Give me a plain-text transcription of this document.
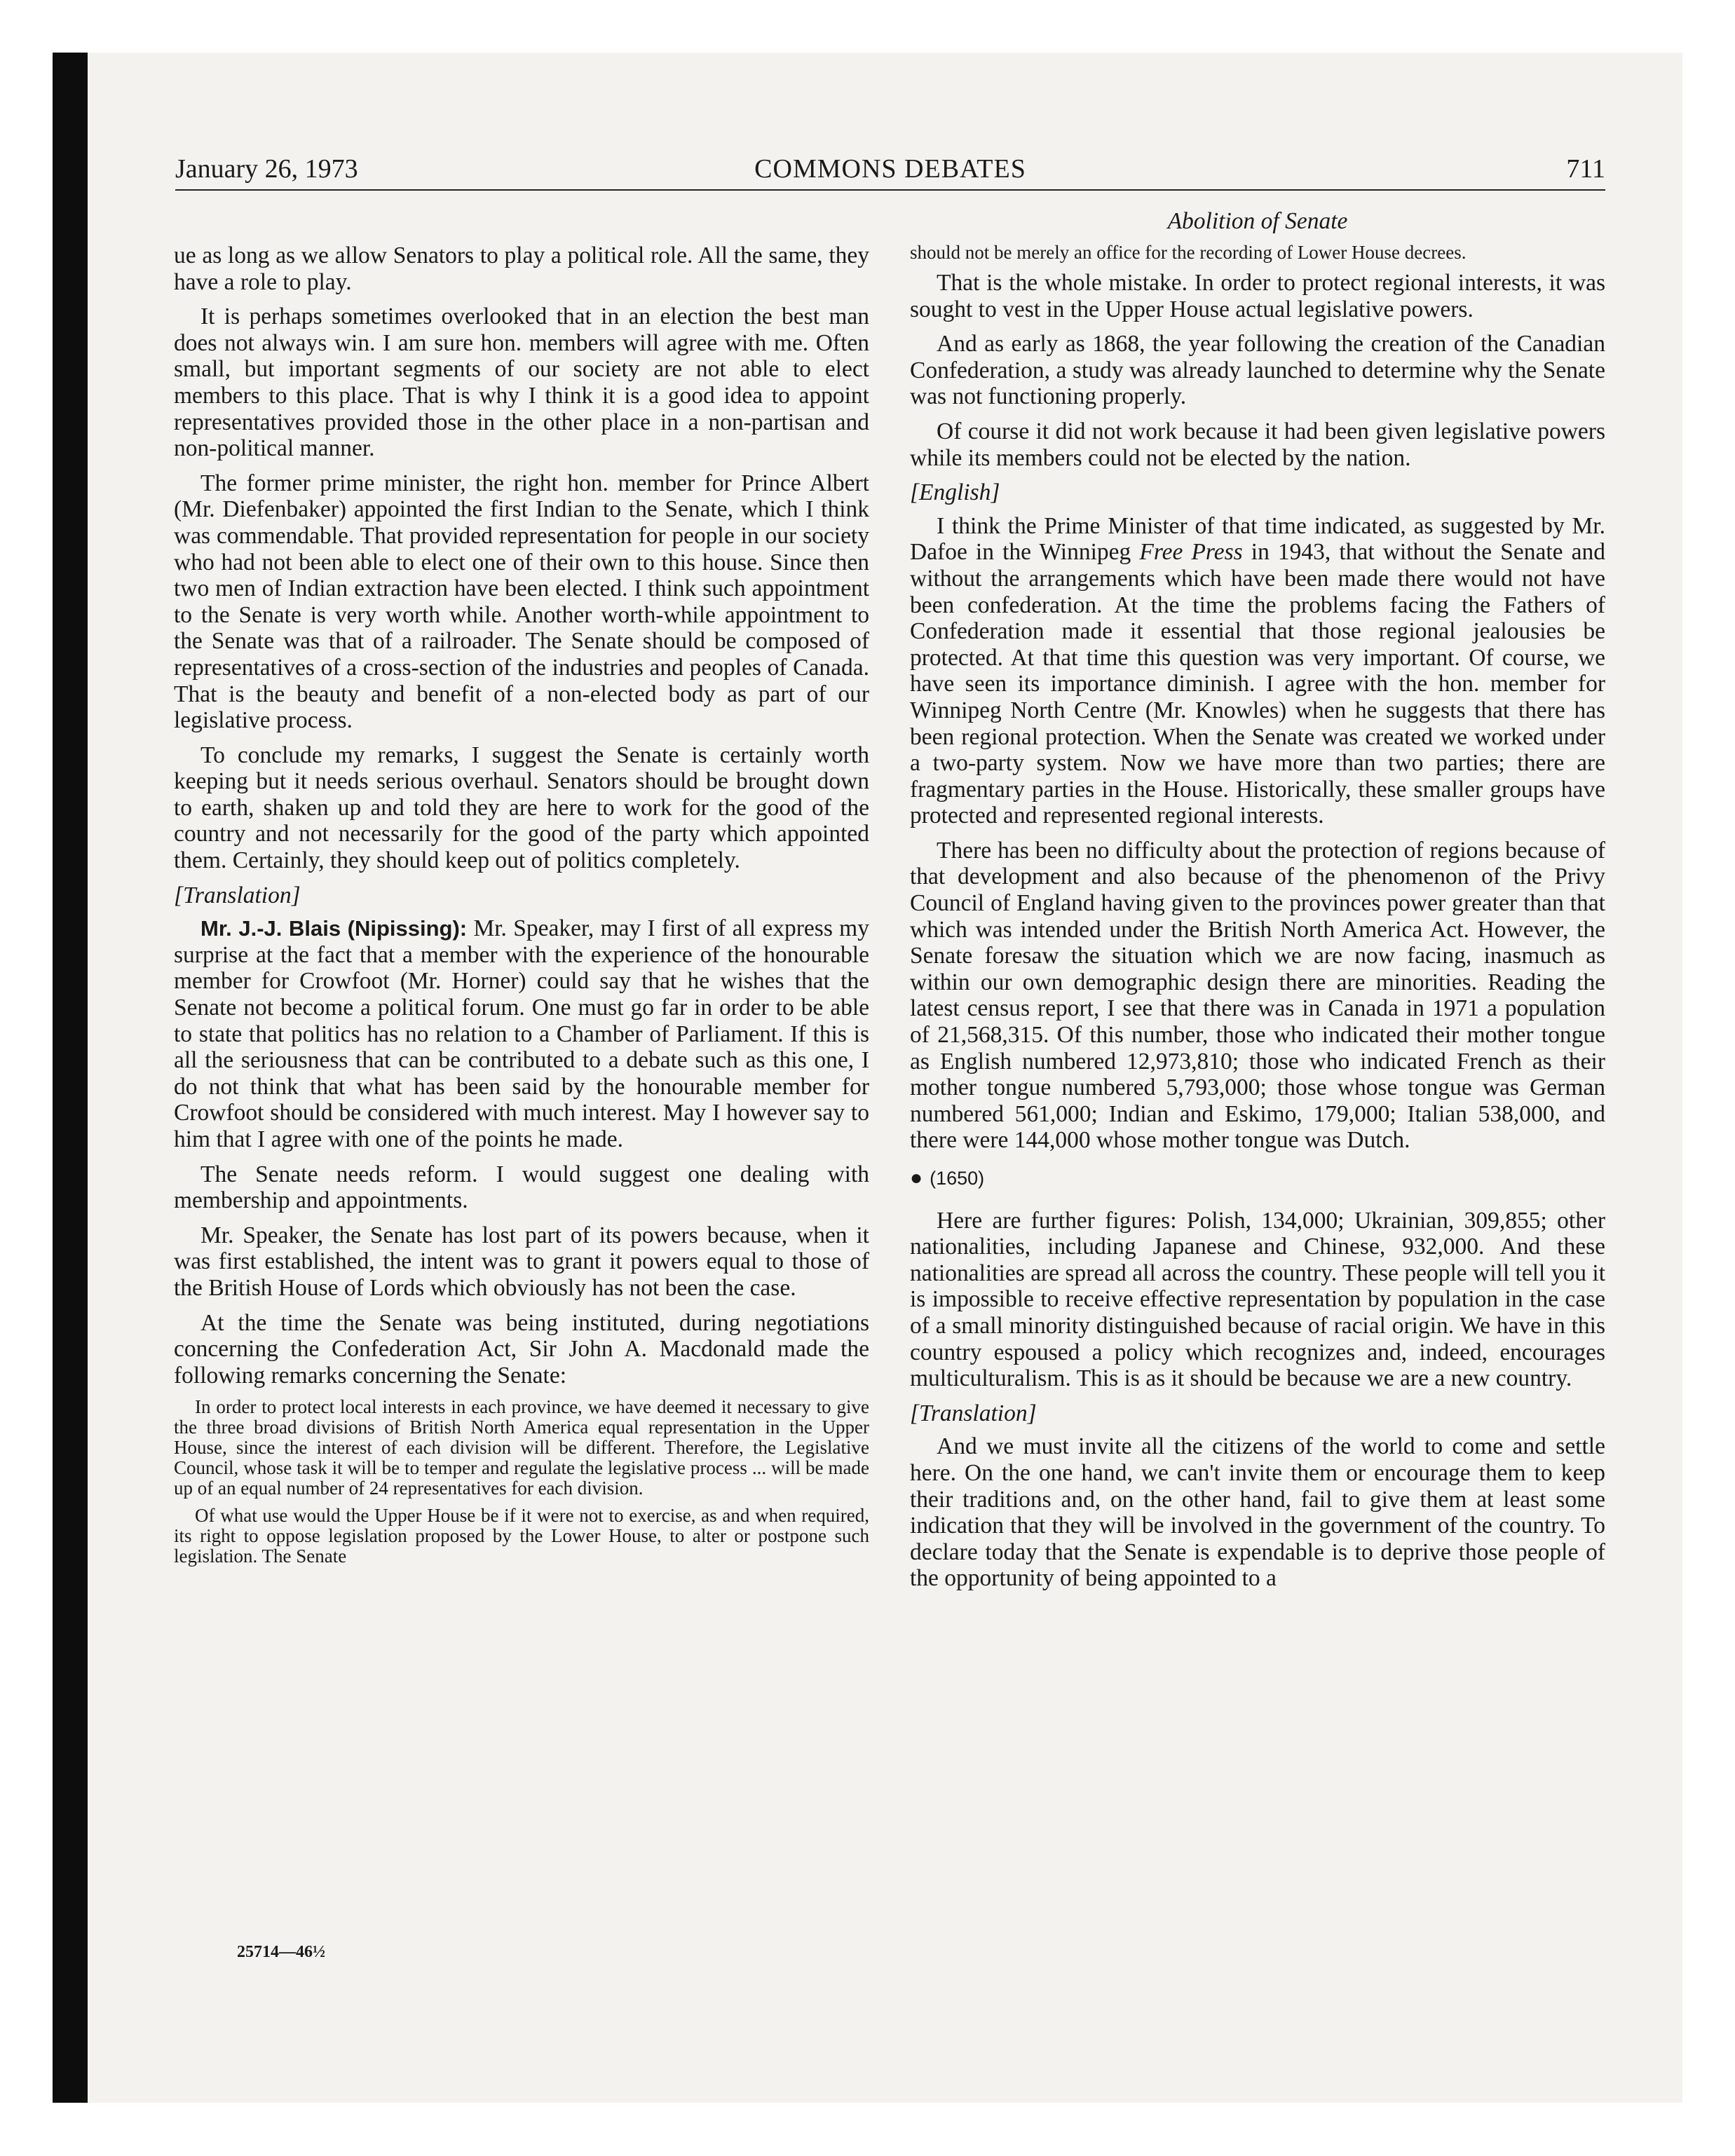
January 26, 1973	COMMONS DEBATES	711
Abolition of Senate

ue as long as we allow Senators to play a political role. All the same, they have a role to play.

It is perhaps sometimes overlooked that in an election the best man does not always win. I am sure hon. members will agree with me. Often small, but important segments of our society are not able to elect members to this place. That is why I think it is a good idea to appoint representatives provided those in the other place in a non-partisan and non-political manner.

The former prime minister, the right hon. member for Prince Albert (Mr. Diefenbaker) appointed the first Indian to the Senate, which I think was commendable. That provided representation for people in our society who had not been able to elect one of their own to this house. Since then two men of Indian extraction have been elected. I think such appointment to the Senate is very worth while. Another worth-while appointment to the Senate was that of a railroader. The Senate should be composed of representatives of a cross-section of the industries and peoples of Canada. That is the beauty and benefit of a non-elected body as part of our legislative process.

To conclude my remarks, I suggest the Senate is certainly worth keeping but it needs serious overhaul. Senators should be brought down to earth, shaken up and told they are here to work for the good of the country and not necessarily for the good of the party which appointed them. Certainly, they should keep out of politics completely.

[Translation]

Mr. J.-J. Blais (Nipissing): Mr. Speaker, may I first of all express my surprise at the fact that a member with the experience of the honourable member for Crowfoot (Mr. Horner) could say that he wishes that the Senate not become a political forum. One must go far in order to be able to state that politics has no relation to a Chamber of Parliament. If this is all the seriousness that can be contributed to a debate such as this one, I do not think that what has been said by the honourable member for Crowfoot should be considered with much interest. May I however say to him that I agree with one of the points he made.

The Senate needs reform. I would suggest one dealing with membership and appointments.

Mr. Speaker, the Senate has lost part of its powers because, when it was first established, the intent was to grant it powers equal to those of the British House of Lords which obviously has not been the case.

At the time the Senate was being instituted, during negotiations concerning the Confederation Act, Sir John A. Macdonald made the following remarks concerning the Senate:

In order to protect local interests in each province, we have deemed it necessary to give the three broad divisions of British North America equal representation in the Upper House, since the interest of each division will be different. Therefore, the Legislative Council, whose task it will be to temper and regulate the legislative process ... will be made up of an equal number of 24 representatives for each division.

Of what use would the Upper House be if it were not to exercise, as and when required, its right to oppose legislation proposed by the Lower House, to alter or postpone such legislation. The Senate

should not be merely an office for the recording of Lower House decrees.

That is the whole mistake. In order to protect regional interests, it was sought to vest in the Upper House actual legislative powers.

And as early as 1868, the year following the creation of the Canadian Confederation, a study was already launched to determine why the Senate was not functioning properly.

Of course it did not work because it had been given legislative powers while its members could not be elected by the nation.

[English]

I think the Prime Minister of that time indicated, as suggested by Mr. Dafoe in the Winnipeg Free Press in 1943, that without the Senate and without the arrangements which have been made there would not have been confederation. At the time the problems facing the Fathers of Confederation made it essential that those regional jealousies be protected. At that time this question was very important. Of course, we have seen its importance diminish. I agree with the hon. member for Winnipeg North Centre (Mr. Knowles) when he suggests that there has been regional protection. When the Senate was created we worked under a two-party system. Now we have more than two parties; there are fragmentary parties in the House. Historically, these smaller groups have protected and represented regional interests.

There has been no difficulty about the protection of regions because of that development and also because of the phenomenon of the Privy Council of England having given to the provinces power greater than that which was intended under the British North America Act. However, the Senate foresaw the situation which we are now facing, inasmuch as within our own demographic design there are minorities. Reading the latest census report, I see that there was in Canada in 1971 a population of 21,568,315. Of this number, those who indicated their mother tongue as English numbered 12,973,810; those who indicated French as their mother tongue numbered 5,793,000; those whose tongue was German numbered 561,000; Indian and Eskimo, 179,000; Italian 538,000, and there were 144,000 whose mother tongue was Dutch.

● (1650)

Here are further figures: Polish, 134,000; Ukrainian, 309,855; other nationalities, including Japanese and Chinese, 932,000. And these nationalities are spread all across the country. These people will tell you it is impossible to receive effective representation by population in the case of a small minority distinguished because of racial origin. We have in this country espoused a policy which recognizes and, indeed, encourages multiculturalism. This is as it should be because we are a new country.

[Translation]

And we must invite all the citizens of the world to come and settle here. On the one hand, we can't invite them or encourage them to keep their traditions and, on the other hand, fail to give them at least some indication that they will be involved in the government of the country. To declare today that the Senate is expendable is to deprive those people of the opportunity of being appointed to a

25714—46½
